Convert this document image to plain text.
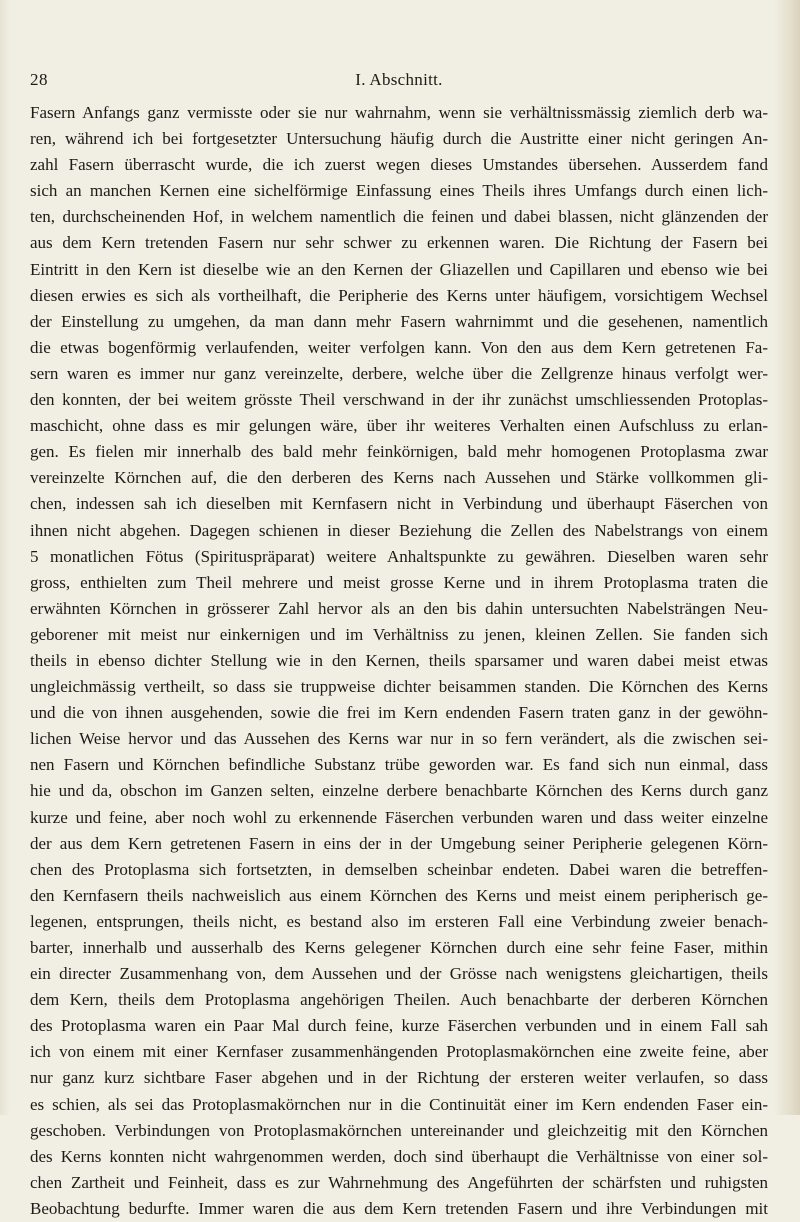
28	I. Abschnitt.
Fasern Anfangs ganz vermisste oder sie nur wahrnahm, wenn sie verhältnissmässig ziemlich derb wa-
ren, während ich bei fortgesetzter Untersuchung häufig durch die Austritte einer nicht geringen An-
zahl Fasern überrascht wurde, die ich zuerst wegen dieses Umstandes übersehen. Ausserdem fand
sich an manchen Kernen eine sichelförmige Einfassung eines Theils ihres Umfangs durch einen lich-
ten, durchscheinenden Hof, in welchem namentlich die feinen und dabei blassen, nicht glänzenden der
aus dem Kern tretenden Fasern nur sehr schwer zu erkennen waren. Die Richtung der Fasern bei
Eintritt in den Kern ist dieselbe wie an den Kernen der Gliazellen und Capillaren und ebenso wie bei
diesen erwies es sich als vortheilhaft, die Peripherie des Kerns unter häufigem, vorsichtigem Wechsel
der Einstellung zu umgehen, da man dann mehr Fasern wahrnimmt und die gesehenen, namentlich
die etwas bogenförmig verlaufenden, weiter verfolgen kann. Von den aus dem Kern getretenen Fa-
sern waren es immer nur ganz vereinzelte, derbere, welche über die Zellgrenze hinaus verfolgt wer-
den konnten, der bei weitem grösste Theil verschwand in der ihr zunächst umschliessenden Protoplas-
maschicht, ohne dass es mir gelungen wäre, über ihr weiteres Verhalten einen Aufschluss zu erlan-
gen. Es fielen mir innerhalb des bald mehr feinkörnigen, bald mehr homogenen Protoplasma zwar
vereinzelte Körnchen auf, die den derberen des Kerns nach Aussehen und Stärke vollkommen gli-
chen, indessen sah ich dieselben mit Kernfasern nicht in Verbindung und überhaupt Fäserchen von
ihnen nicht abgehen. Dagegen schienen in dieser Beziehung die Zellen des Nabelstrangs von einem
5 monatlichen Fötus (Spirituspräparat) weitere Anhaltspunkte zu gewähren. Dieselben waren sehr
gross, enthielten zum Theil mehrere und meist grosse Kerne und in ihrem Protoplasma traten die
erwähnten Körnchen in grösserer Zahl hervor als an den bis dahin untersuchten Nabelsträngen Neu-
geborener mit meist nur einkernigen und im Verhältniss zu jenen, kleinen Zellen. Sie fanden sich
theils in ebenso dichter Stellung wie in den Kernen, theils sparsamer und waren dabei meist etwas
ungleichmässig vertheilt, so dass sie truppweise dichter beisammen standen. Die Körnchen des Kerns
und die von ihnen ausgehenden, sowie die frei im Kern endenden Fasern traten ganz in der gewöhn-
lichen Weise hervor und das Aussehen des Kerns war nur in so fern verändert, als die zwischen sei-
nen Fasern und Körnchen befindliche Substanz trübe geworden war. Es fand sich nun einmal, dass
hie und da, obschon im Ganzen selten, einzelne derbere benachbarte Körnchen des Kerns durch ganz
kurze und feine, aber noch wohl zu erkennende Fäserchen verbunden waren und dass weiter einzelne
der aus dem Kern getretenen Fasern in eins der in der Umgebung seiner Peripherie gelegenen Körn-
chen des Protoplasma sich fortsetzten, in demselben scheinbar endeten. Dabei waren die betreffen-
den Kernfasern theils nachweislich aus einem Körnchen des Kerns und meist einem peripherisch ge-
legenen, entsprungen, theils nicht, es bestand also im ersteren Fall eine Verbindung zweier benach-
barter, innerhalb und ausserhalb des Kerns gelegener Körnchen durch eine sehr feine Faser, mithin
ein directer Zusammenhang von, dem Aussehen und der Grösse nach wenigstens gleichartigen, theils
dem Kern, theils dem Protoplasma angehörigen Theilen. Auch benachbarte der derberen Körnchen
des Protoplasma waren ein Paar Mal durch feine, kurze Fäserchen verbunden und in einem Fall sah
ich von einem mit einer Kernfaser zusammenhängenden Protoplasmakörnchen eine zweite feine, aber
nur ganz kurz sichtbare Faser abgehen und in der Richtung der ersteren weiter verlaufen, so dass
es schien, als sei das Protoplasmakörnchen nur in die Continuität einer im Kern endenden Faser ein-
geschoben. Verbindungen von Protoplasmakörnchen untereinander und gleichzeitig mit den Körnchen
des Kerns konnten nicht wahrgenommen werden, doch sind überhaupt die Verhältnisse von einer sol-
chen Zartheit und Feinheit, dass es zur Wahrnehmung des Angeführten der schärfsten und ruhigsten
Beobachtung bedurfte. Immer waren die aus dem Kern tretenden Fasern und ihre Verbindungen mit
